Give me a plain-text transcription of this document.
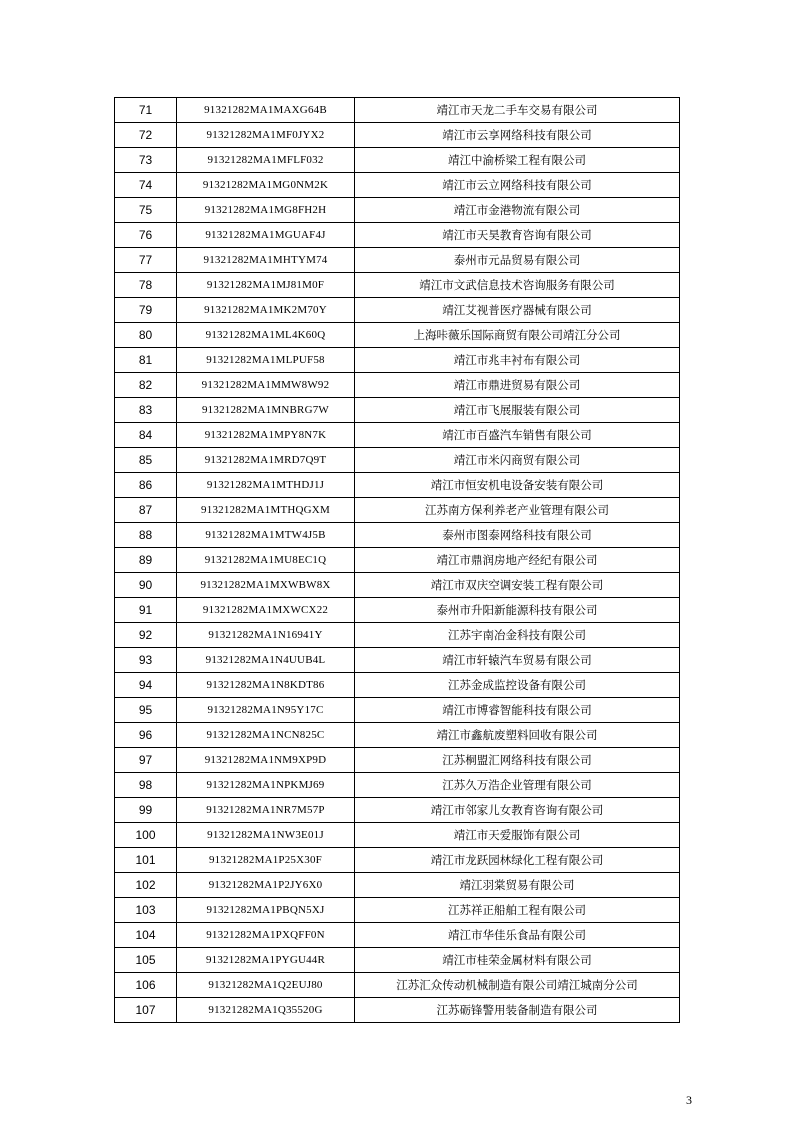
71	91321282MA1MAXG64B	靖江市天龙二手车交易有限公司
72	91321282MA1MF0JYX2	靖江市云享网络科技有限公司
73	91321282MA1MFLF032	靖江中渝桥梁工程有限公司
74	91321282MA1MG0NM2K	靖江市云立网络科技有限公司
75	91321282MA1MG8FH2H	靖江市金港物流有限公司
76	91321282MA1MGUAF4J	靖江市天昊教育咨询有限公司
77	91321282MA1MHTYM74	泰州市元品贸易有限公司
78	91321282MA1MJ81M0F	靖江市文武信息技术咨询服务有限公司
79	91321282MA1MK2M70Y	靖江艾视普医疗器械有限公司
80	91321282MA1ML4K60Q	上海咔薇乐国际商贸有限公司靖江分公司
81	91321282MA1MLPUF58	靖江市兆丰衬布有限公司
82	91321282MA1MMW8W92	靖江市鼎进贸易有限公司
83	91321282MA1MNBRG7W	靖江市飞展服装有限公司
84	91321282MA1MPY8N7K	靖江市百盛汽车销售有限公司
85	91321282MA1MRD7Q9T	靖江市米闪商贸有限公司
86	91321282MA1MTHDJ1J	靖江市恒安机电设备安装有限公司
87	91321282MA1MTHQGXM	江苏南方保利养老产业管理有限公司
88	91321282MA1MTW4J5B	泰州市图泰网络科技有限公司
89	91321282MA1MU8EC1Q	靖江市鼎润房地产经纪有限公司
90	91321282MA1MXWBW8X	靖江市双庆空调安装工程有限公司
91	91321282MA1MXWCX22	泰州市升阳新能源科技有限公司
92	91321282MA1N16941Y	江苏宇南冶金科技有限公司
93	91321282MA1N4UUB4L	靖江市轩辕汽车贸易有限公司
94	91321282MA1N8KDT86	江苏金成监控设备有限公司
95	91321282MA1N95Y17C	靖江市博睿智能科技有限公司
96	91321282MA1NCN825C	靖江市鑫航废塑料回收有限公司
97	91321282MA1NM9XP9D	江苏桐盟汇网络科技有限公司
98	91321282MA1NPKMJ69	江苏久万浩企业管理有限公司
99	91321282MA1NR7M57P	靖江市邻家儿女教育咨询有限公司
100	91321282MA1NW3E01J	靖江市天爱服饰有限公司
101	91321282MA1P25X30F	靖江市龙跃园林绿化工程有限公司
102	91321282MA1P2JY6X0	靖江羽棠贸易有限公司
103	91321282MA1PBQN5XJ	江苏祥正船舶工程有限公司
104	91321282MA1PXQFF0N	靖江市华佳乐食品有限公司
105	91321282MA1PYGU44R	靖江市桂荣金属材料有限公司
106	91321282MA1Q2EUJ80	江苏汇众传动机械制造有限公司靖江城南分公司
107	91321282MA1Q35520G	江苏砺锋警用装备制造有限公司
3
